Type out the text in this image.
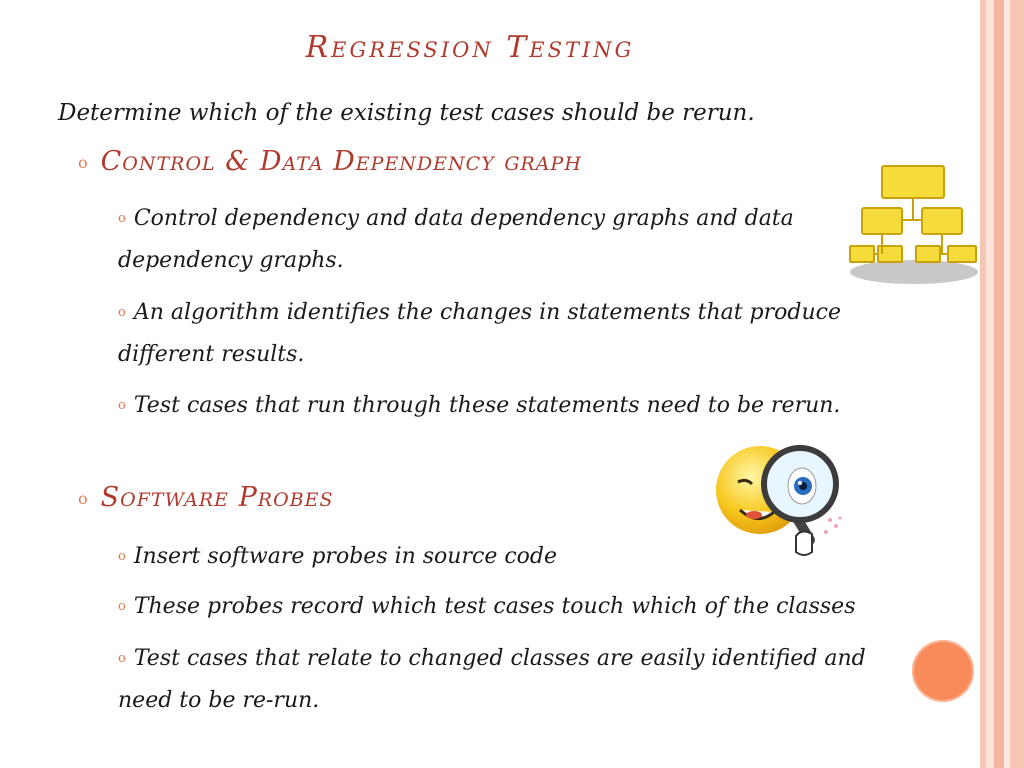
Regression Testing
Determine which of the existing test cases should be rerun.
o Control & Data Dependency graph
o Control dependency and data dependency graphs and data dependency graphs.
o An algorithm identifies the changes in statements that produce different results.
o Test cases that run through these statements need to be rerun.
o Software Probes
o Insert software probes in source code
o These probes record which test cases touch which of the classes
o Test cases that relate to changed classes are easily identified and need to be re-run.
